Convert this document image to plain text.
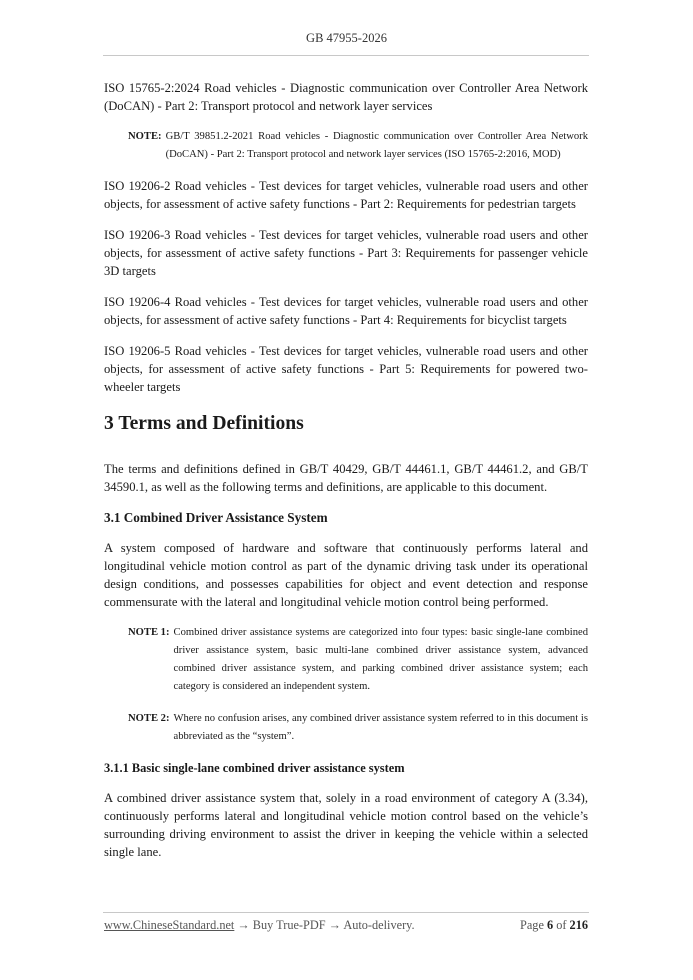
GB 47955-2026

ISO 15765-2:2024 Road vehicles - Diagnostic communication over Controller Area Network (DoCAN) - Part 2: Transport protocol and network layer services

NOTE: GB/T 39851.2-2021 Road vehicles - Diagnostic communication over Controller Area Network (DoCAN) - Part 2: Transport protocol and network layer services (ISO 15765-2:2016, MOD)

ISO 19206-2 Road vehicles - Test devices for target vehicles, vulnerable road users and other objects, for assessment of active safety functions - Part 2: Requirements for pedestrian targets

ISO 19206-3 Road vehicles - Test devices for target vehicles, vulnerable road users and other objects, for assessment of active safety functions - Part 3: Requirements for passenger vehicle 3D targets

ISO 19206-4 Road vehicles - Test devices for target vehicles, vulnerable road users and other objects, for assessment of active safety functions - Part 4: Requirements for bicyclist targets

ISO 19206-5 Road vehicles - Test devices for target vehicles, vulnerable road users and other objects, for assessment of active safety functions - Part 5: Requirements for powered two-wheeler targets

3 Terms and Definitions

The terms and definitions defined in GB/T 40429, GB/T 44461.1, GB/T 44461.2, and GB/T 34590.1, as well as the following terms and definitions, are applicable to this document.

3.1 Combined Driver Assistance System

A system composed of hardware and software that continuously performs lateral and longitudinal vehicle motion control as part of the dynamic driving task under its operational design conditions, and possesses capabilities for object and event detection and response commensurate with the lateral and longitudinal vehicle motion control being performed.

NOTE 1: Combined driver assistance systems are categorized into four types: basic single-lane combined driver assistance system, basic multi-lane combined driver assistance system, advanced combined driver assistance system, and parking combined driver assistance system; each category is considered an independent system.
NOTE 2: Where no confusion arises, any combined driver assistance system referred to in this document is abbreviated as the “system”.
3.1.1 Basic single-lane combined driver assistance system

A combined driver assistance system that, solely in a road environment of category A (3.34), continuously performs lateral and longitudinal vehicle motion control based on the vehicle’s surrounding driving environment to assist the driver in keeping the vehicle within a selected single lane.

www.ChineseStandard.net → Buy True-PDF → Auto-delivery.	Page 6 of 216
